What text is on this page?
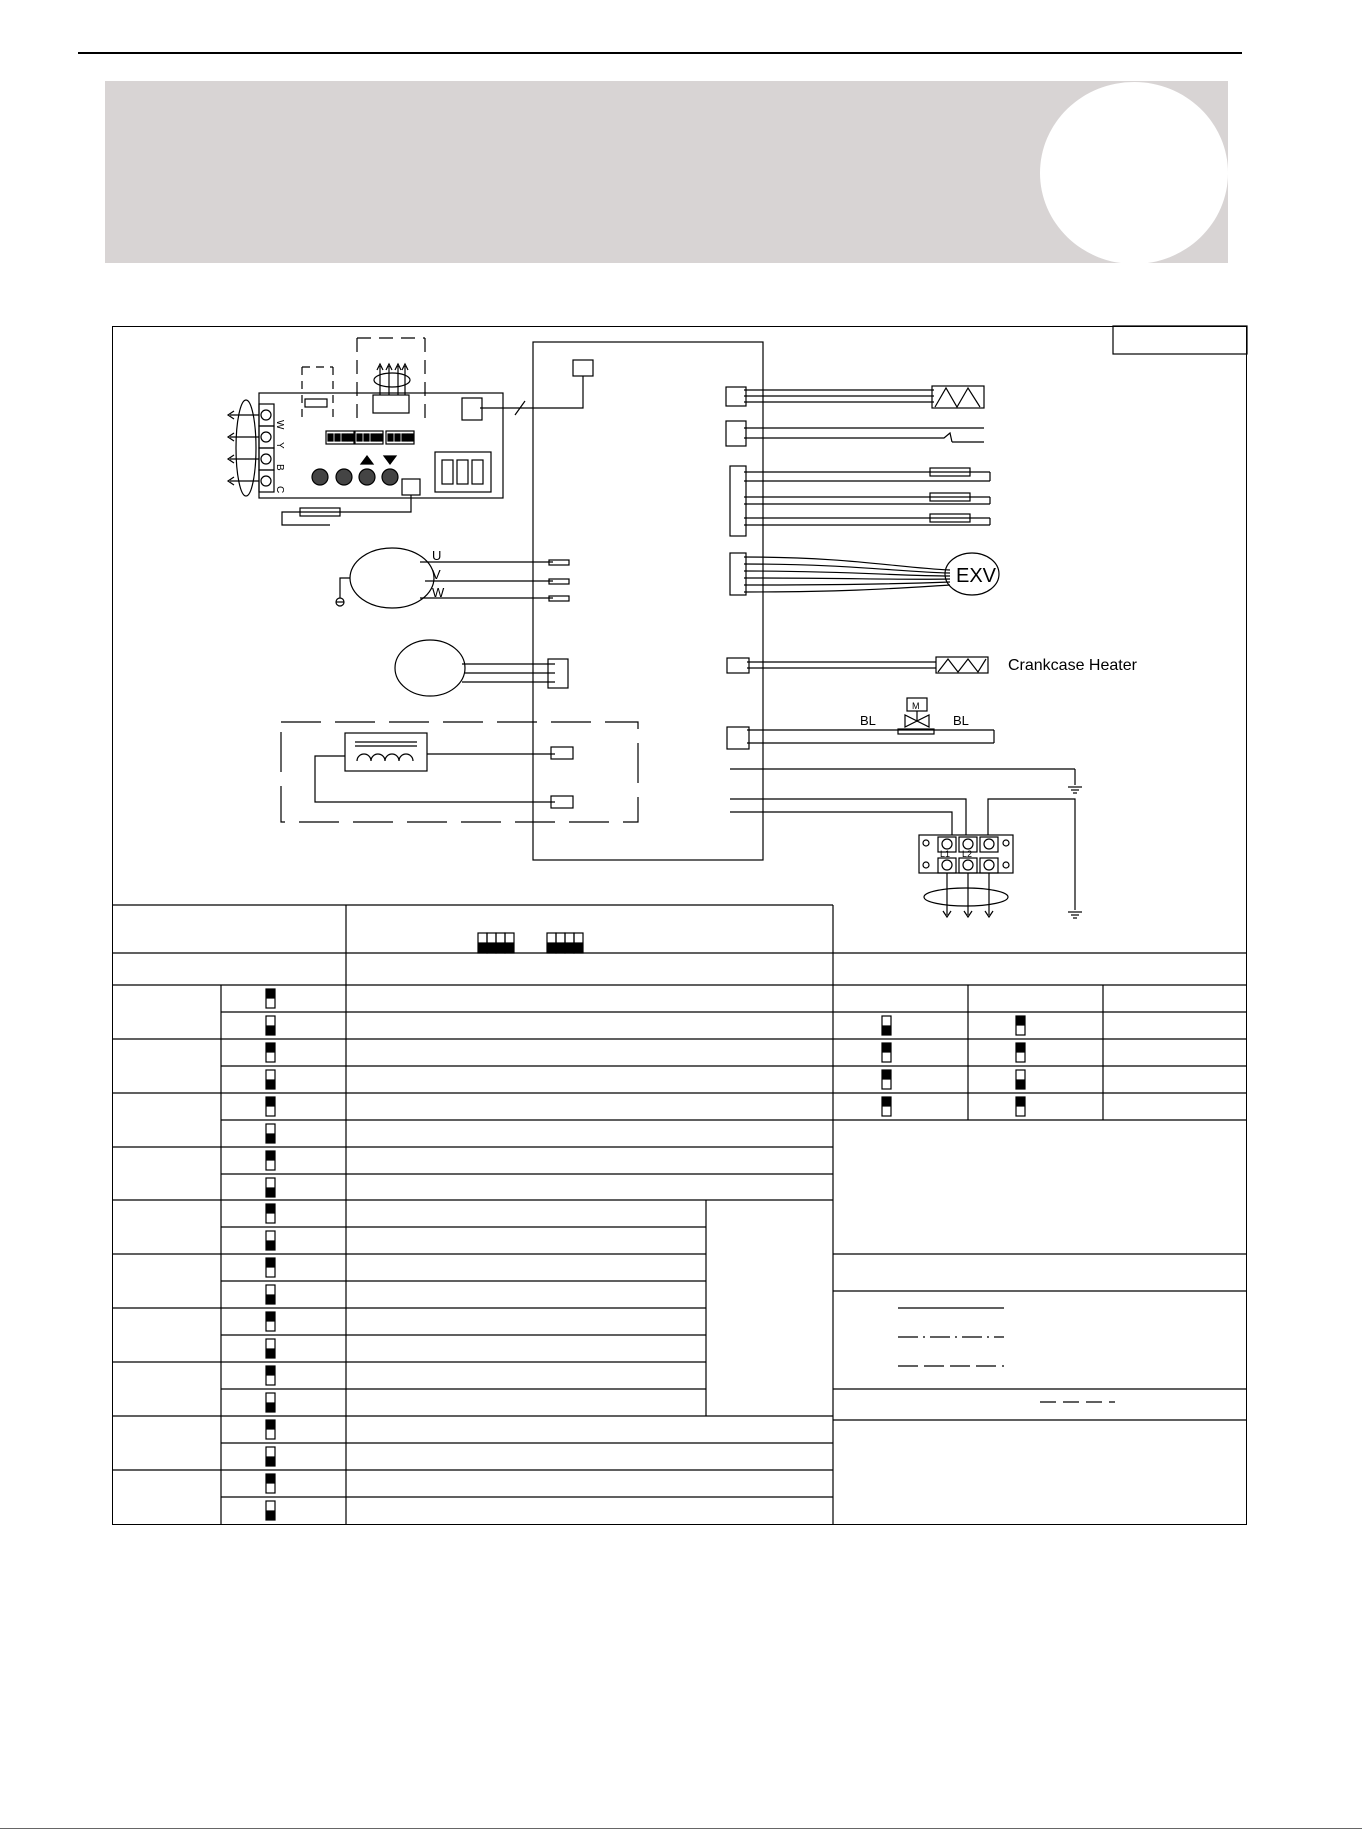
W
Y
B
C
U
V
W
EXV
Crankcase Heater
M
BL	BL
L1 L2
